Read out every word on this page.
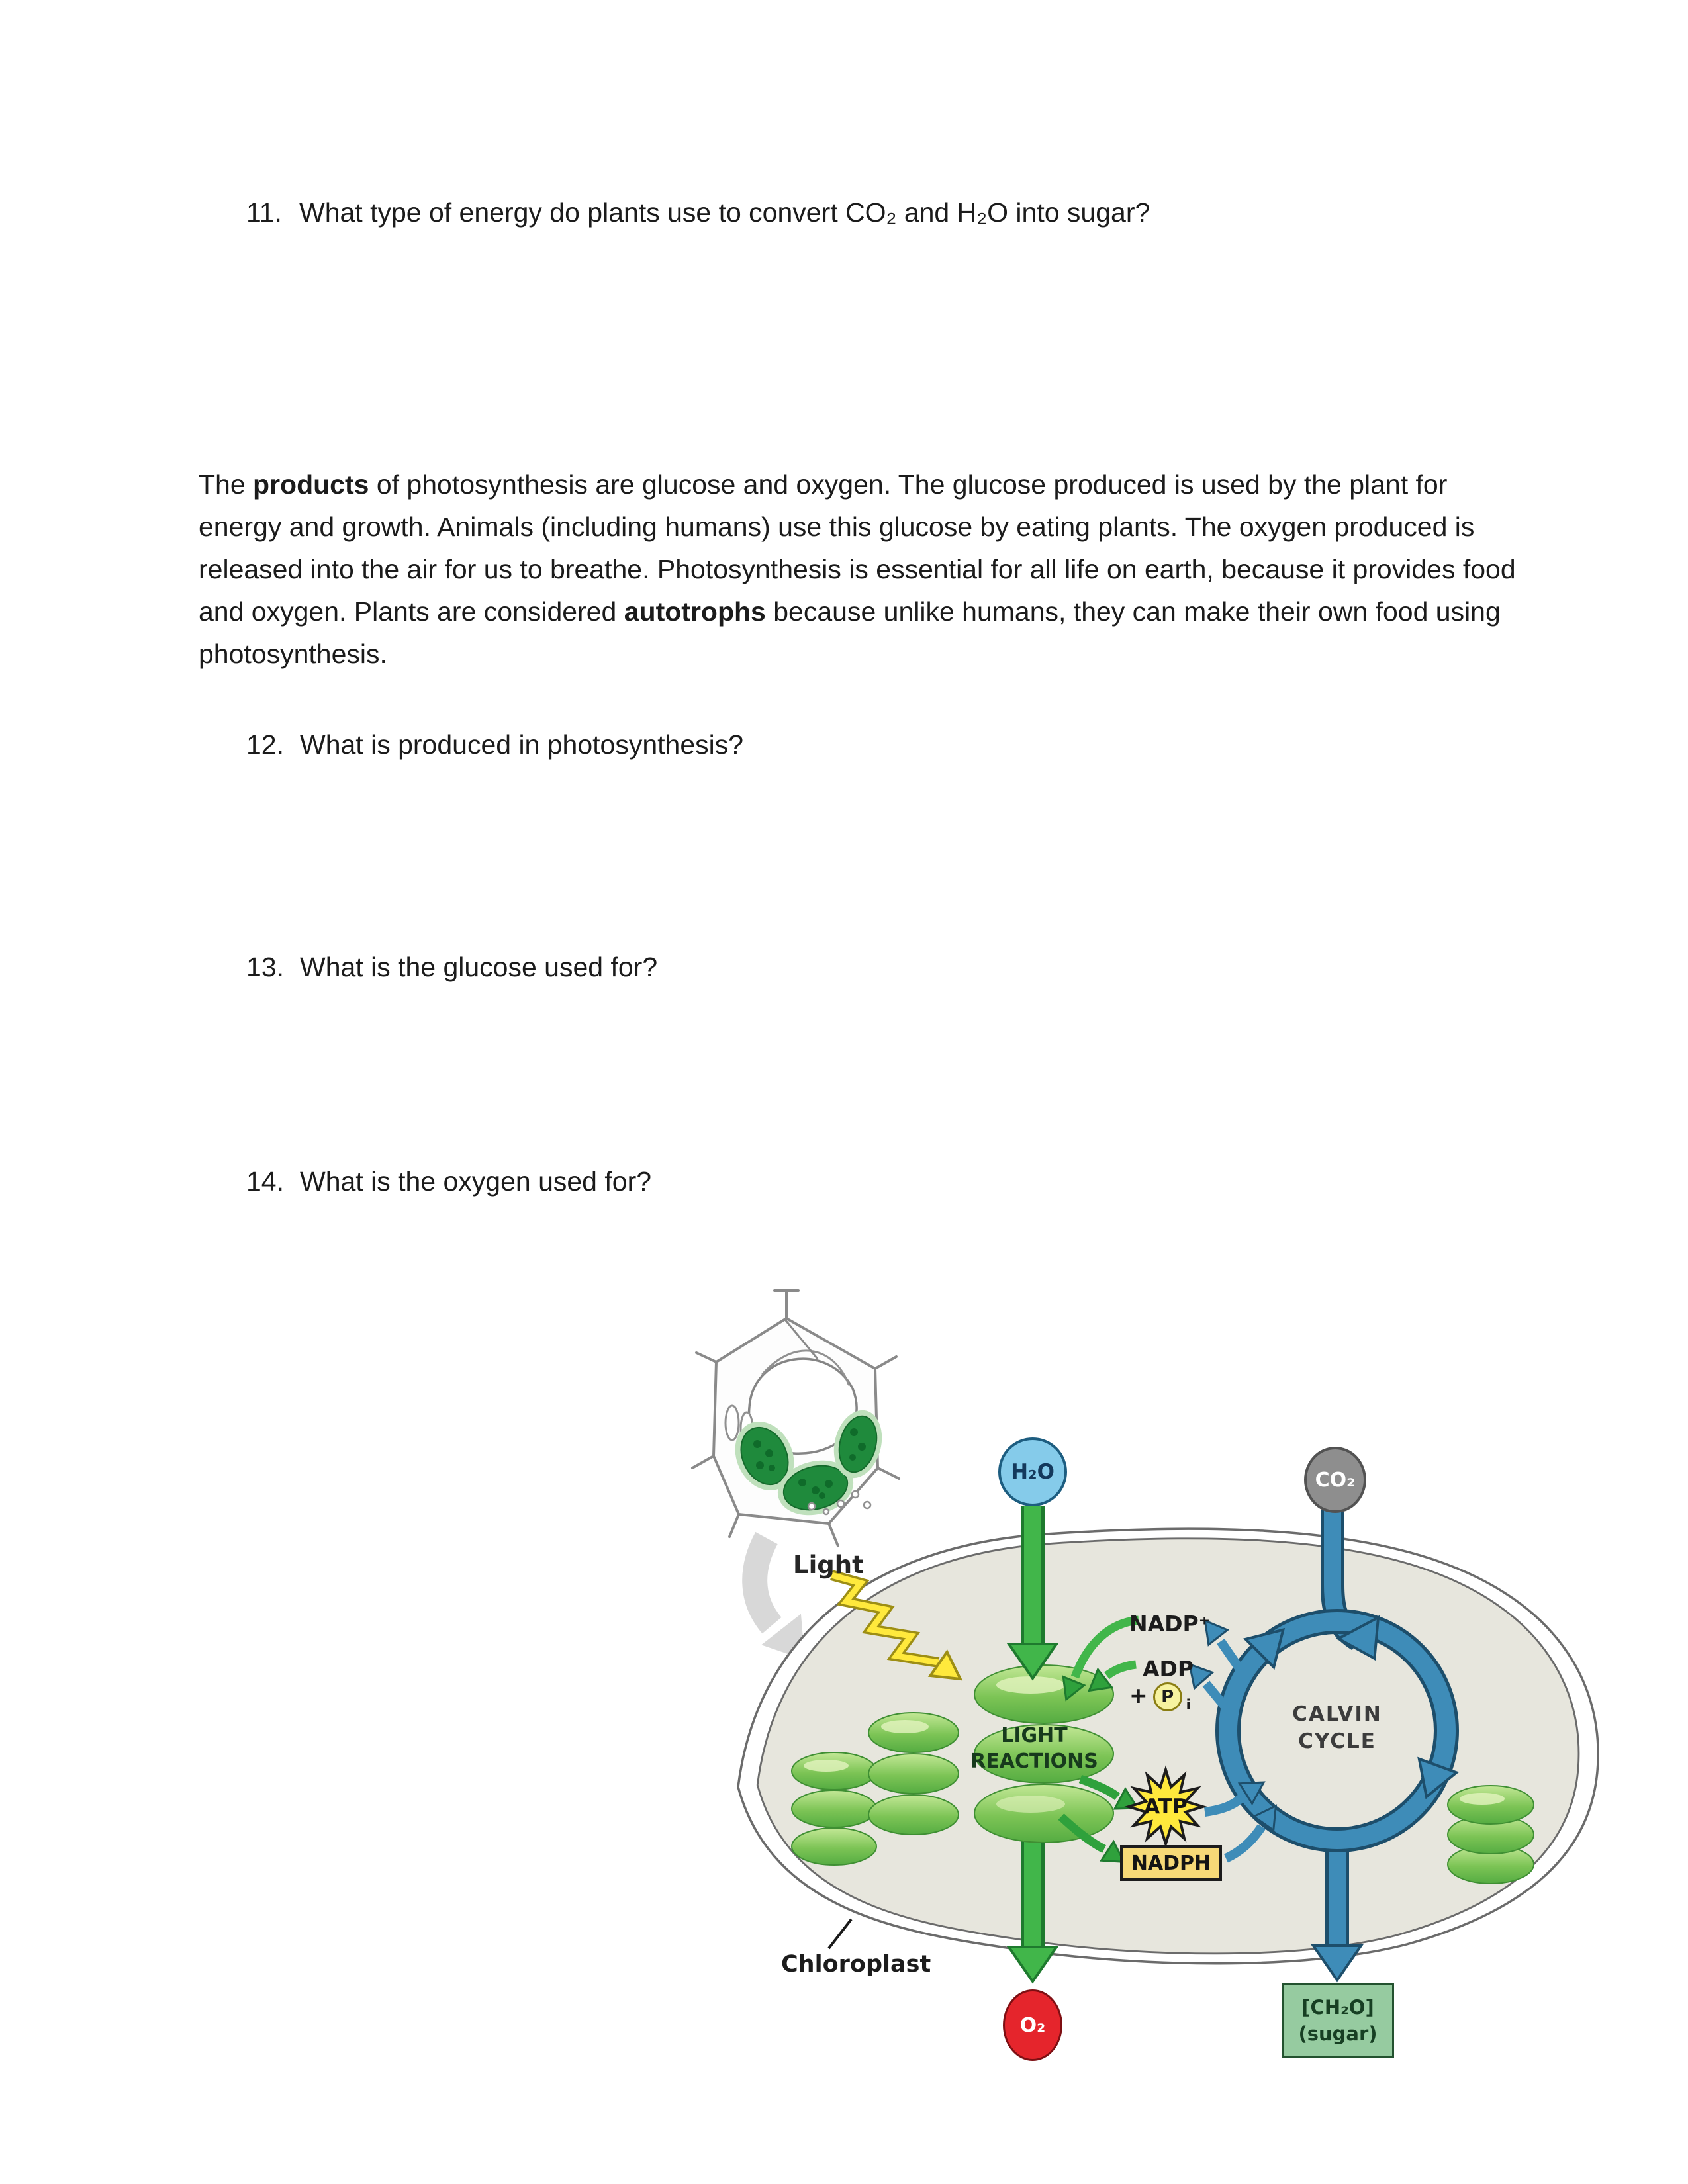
11. What type of energy do plants use to convert CO₂ and H₂O into sugar?
The products of photosynthesis are glucose and oxygen. The glucose produced is used by the plant for energy and growth. Animals (including humans) use this glucose by eating plants. The oxygen produced is released into the air for us to breathe. Photosynthesis is essential for all life on earth, because it provides food and oxygen. Plants are considered autotrophs because unlike humans, they can make their own food using photosynthesis.
12. What is produced in photosynthesis?
13. What is the glucose used for?
14. What is the oxygen used for?
H₂O	CO₂
O₂
Light
NADP⁺
ADP
+ P i
LIGHT
REACTIONS
CALVIN
CYCLE
ATP
NADPH
[CH₂O]
(sugar)
Chloroplast
